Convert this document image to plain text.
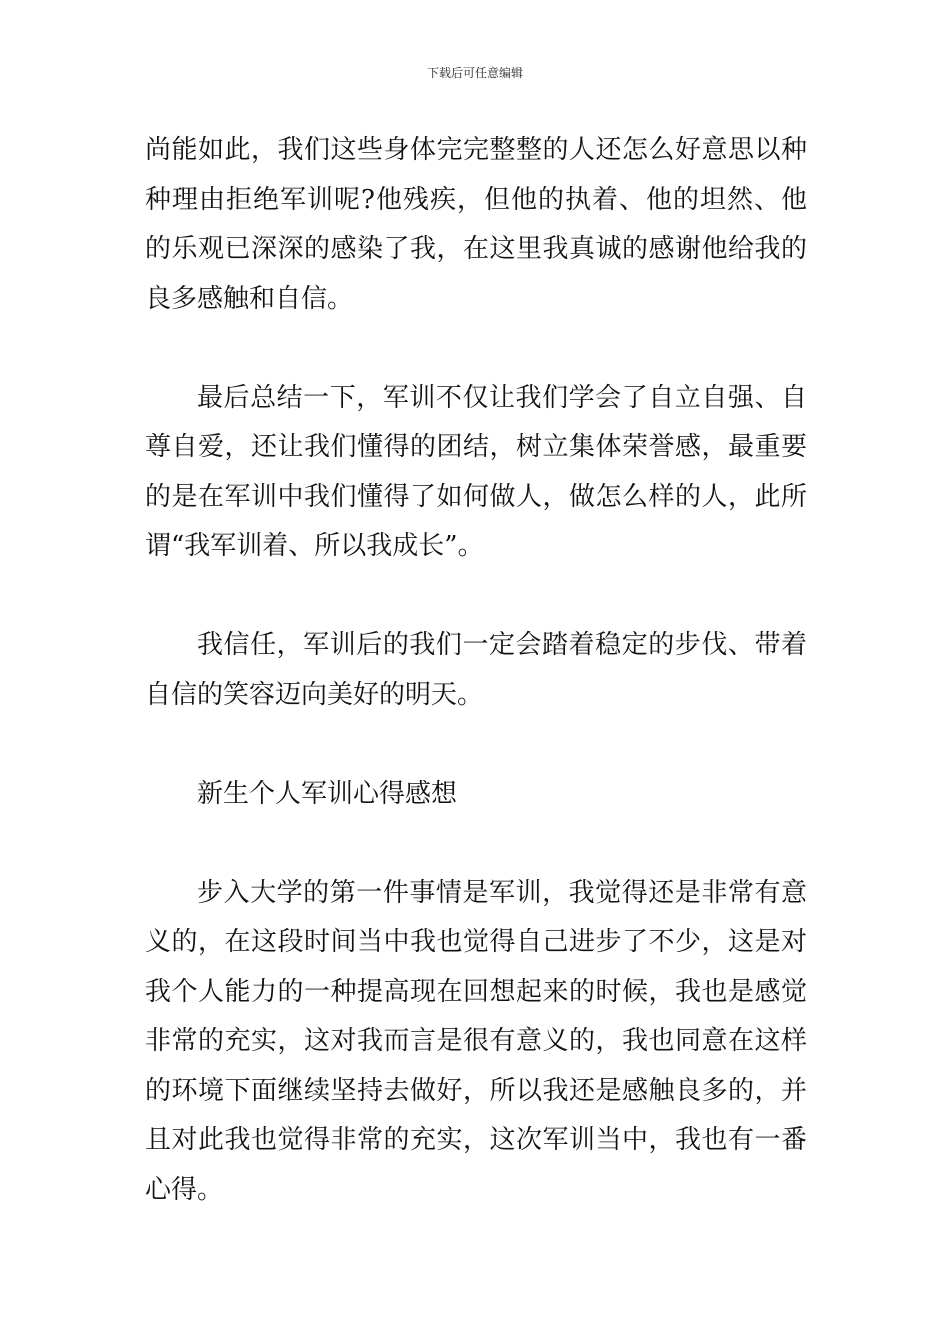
下载后可任意编辑

尚能如此，我们这些身体完完整整的人还怎么好意思以种种理由拒绝军训呢?他残疾，但他的执着、他的坦然、他的乐观已深深的感染了我，在这里我真诚的感谢他给我的良多感触和自信。

最后总结一下，军训不仅让我们学会了自立自强、自尊自爱，还让我们懂得的团结，树立集体荣誉感，最重要的是在军训中我们懂得了如何做人，做怎么样的人，此所谓“我军训着、所以我成长”。

我信任，军训后的我们一定会踏着稳定的步伐、带着自信的笑容迈向美好的明天。

新生个人军训心得感想

步入大学的第一件事情是军训，我觉得还是非常有意义的，在这段时间当中我也觉得自己进步了不少，这是对我个人能力的一种提高现在回想起来的时候，我也是感觉非常的充实，这对我而言是很有意义的，我也同意在这样的环境下面继续坚持去做好，所以我还是感触良多的，并且对此我也觉得非常的充实，这次军训当中，我也有一番心得。
